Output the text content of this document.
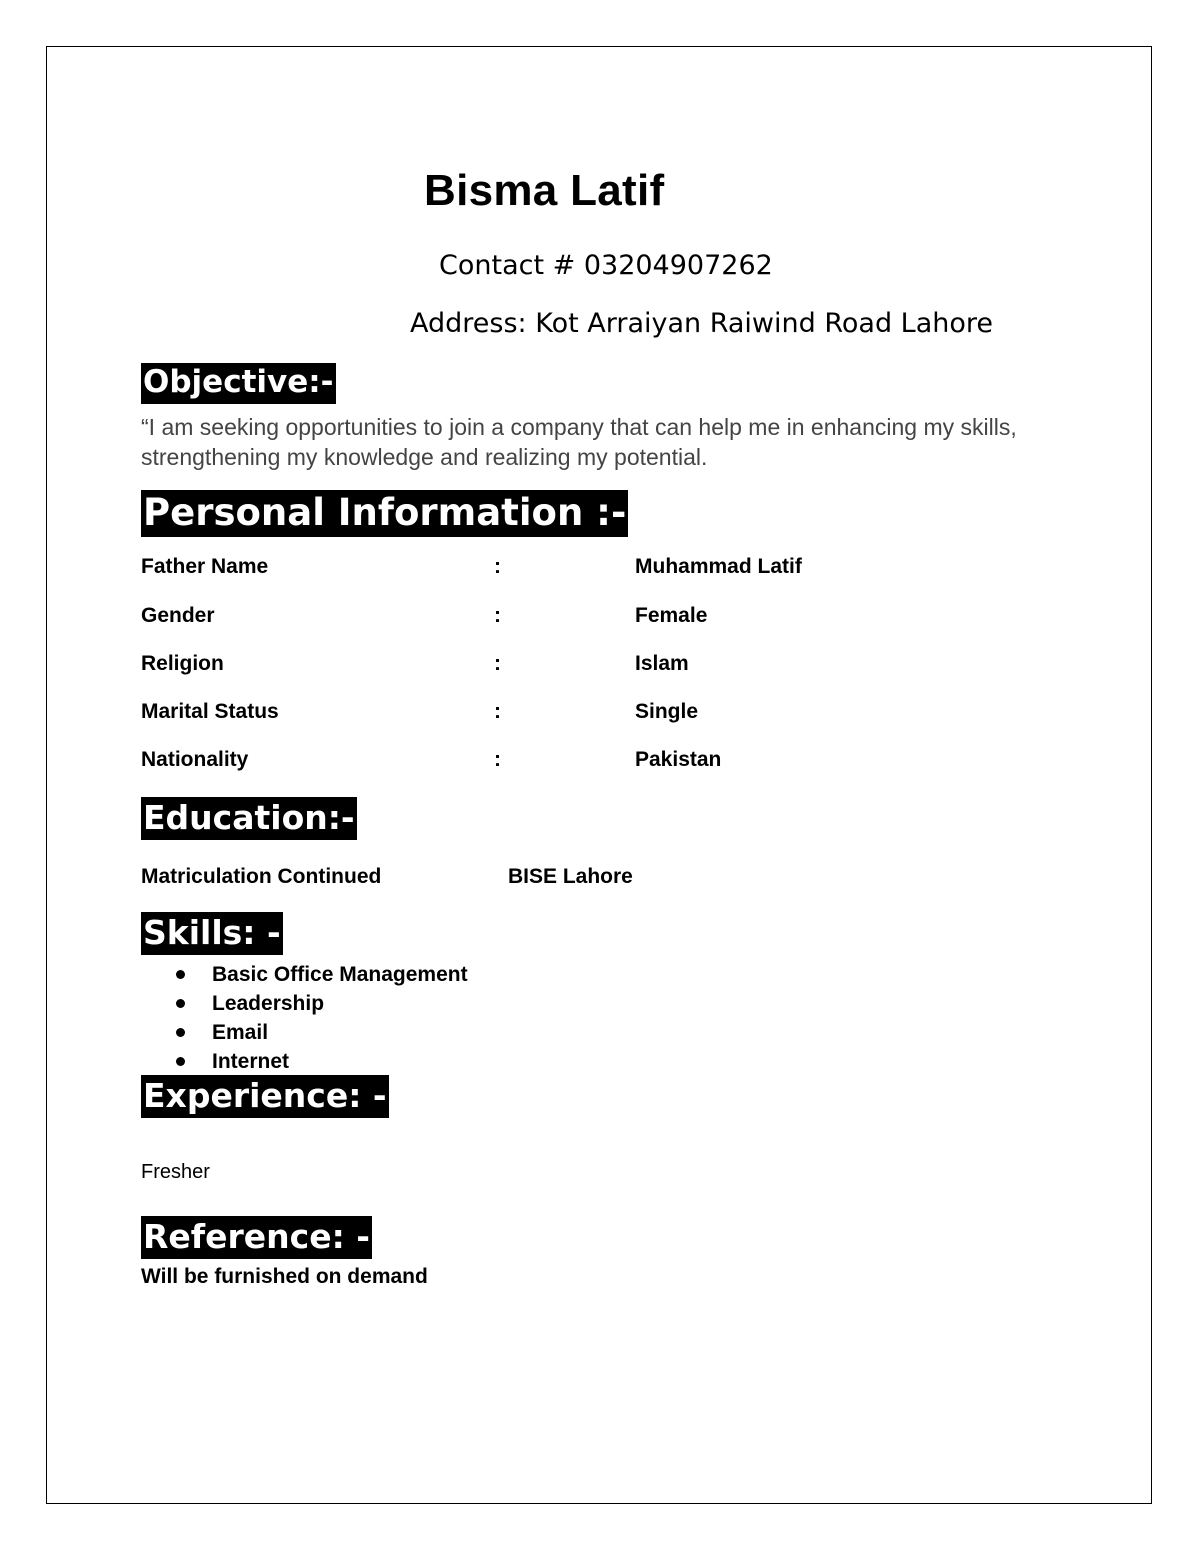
Bisma Latif
Contact # 03204907262
Address: Kot Arraiyan Raiwind Road Lahore
Objective:-
“I am seeking opportunities to join a company that can help me in enhancing my skills, strengthening my knowledge and realizing my potential.
Personal Information :-
Father Name	:	Muhammad Latif
Gender	:	Female
Religion	:	Islam
Marital Status	:	Single
Nationality	:	Pakistan
Education:-
Matriculation Continued	BISE Lahore
Skills: -
Basic Office Management
Leadership
Email
Internet
Experience: -
Fresher
Reference: -
Will be furnished on demand
